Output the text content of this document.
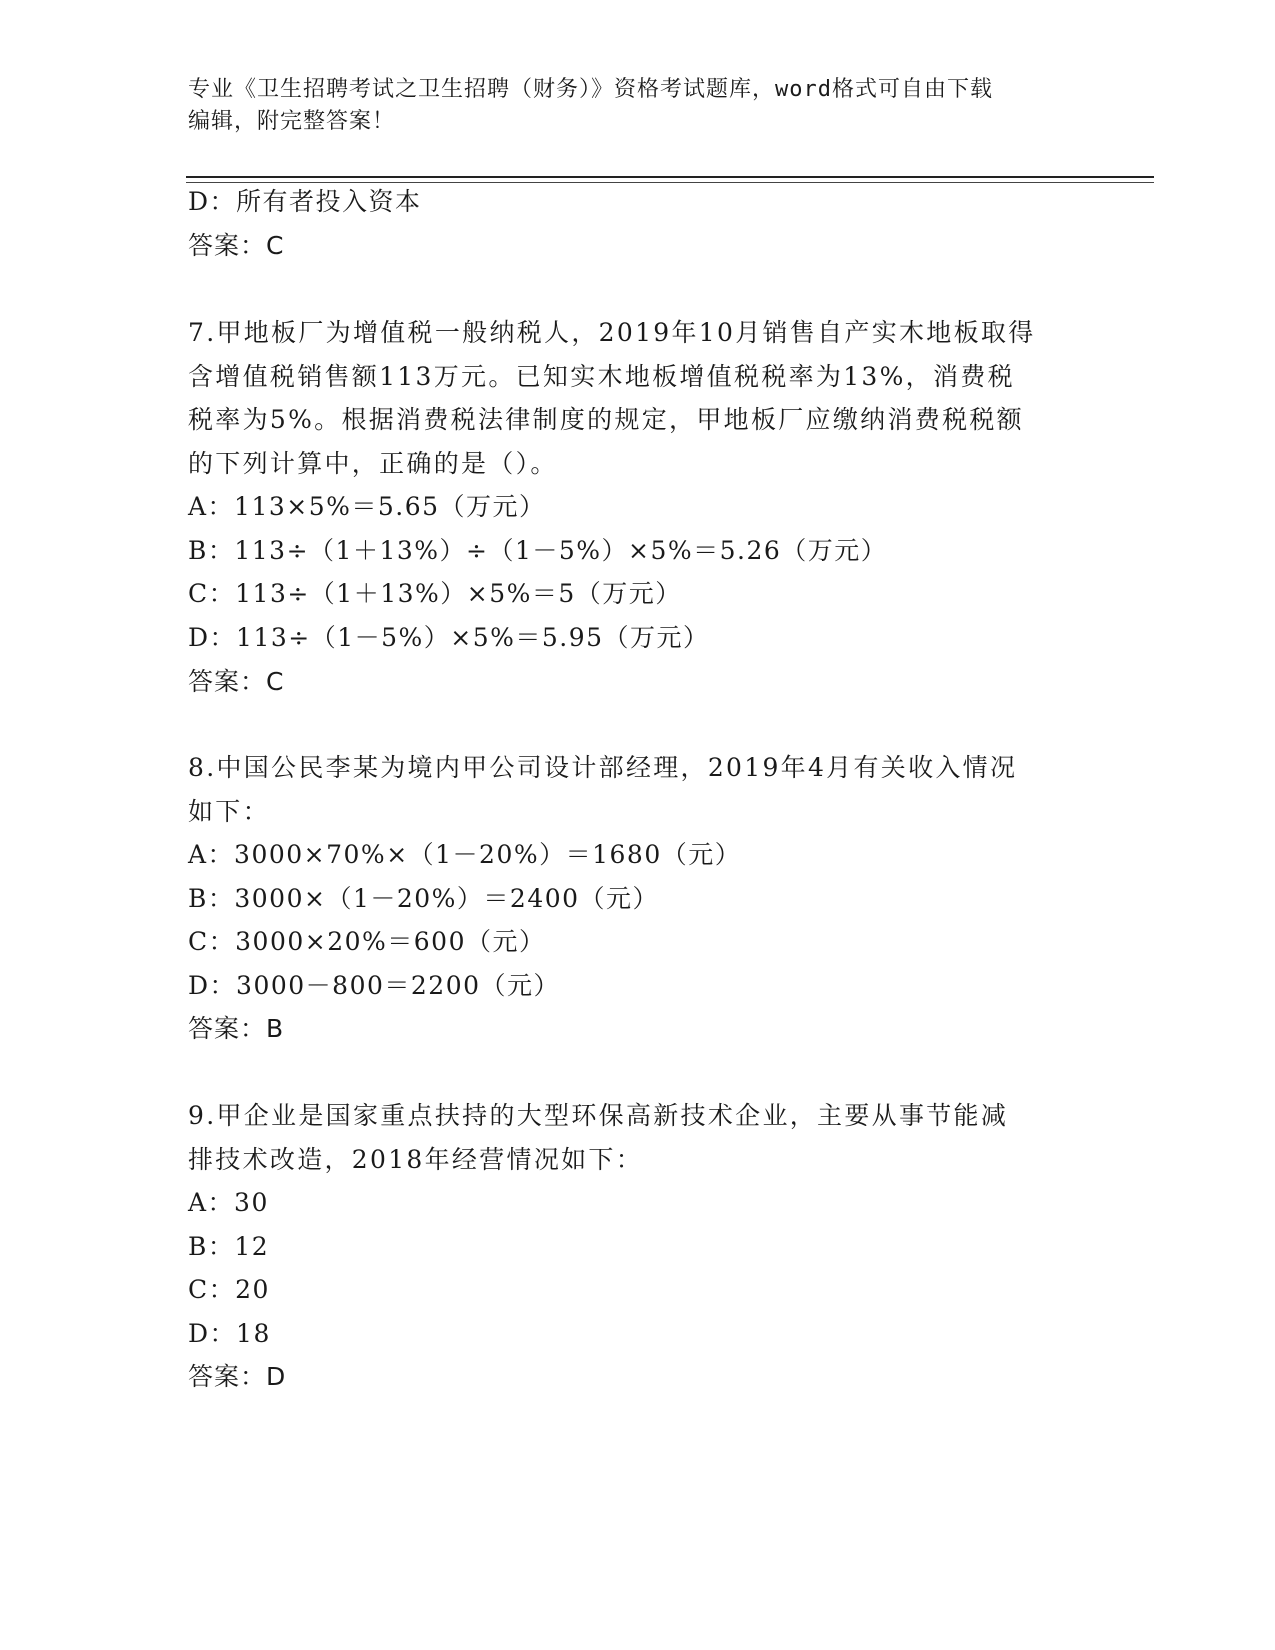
专业《卫生招聘考试之卫生招聘（财务）》资格考试题库，word格式可自由下载
编辑，附完整答案！
D：所有者投入资本
答案：C
7.甲地板厂为增值税一般纳税人，2019年10月销售自产实木地板取得
含增值税销售额113万元。已知实木地板增值税税率为13%，消费税
税率为5%。根据消费税法律制度的规定，甲地板厂应缴纳消费税税额
的下列计算中，正确的是（）。
A：113×5%＝5.65（万元）
B：113÷（1＋13%）÷（1－5%）×5%＝5.26（万元）
C：113÷（1＋13%）×5%＝5（万元）
D：113÷（1－5%）×5%＝5.95（万元）
答案：C
8.中国公民李某为境内甲公司设计部经理，2019年4月有关收入情况
如下：
A：3000×70%×（1－20%）＝1680（元）
B：3000×（1－20%）＝2400（元）
C：3000×20%＝600（元）
D：3000－800＝2200（元）
答案：B
9.甲企业是国家重点扶持的大型环保高新技术企业，主要从事节能减
排技术改造，2018年经营情况如下：
A：30
B：12
C：20
D：18
答案：D
